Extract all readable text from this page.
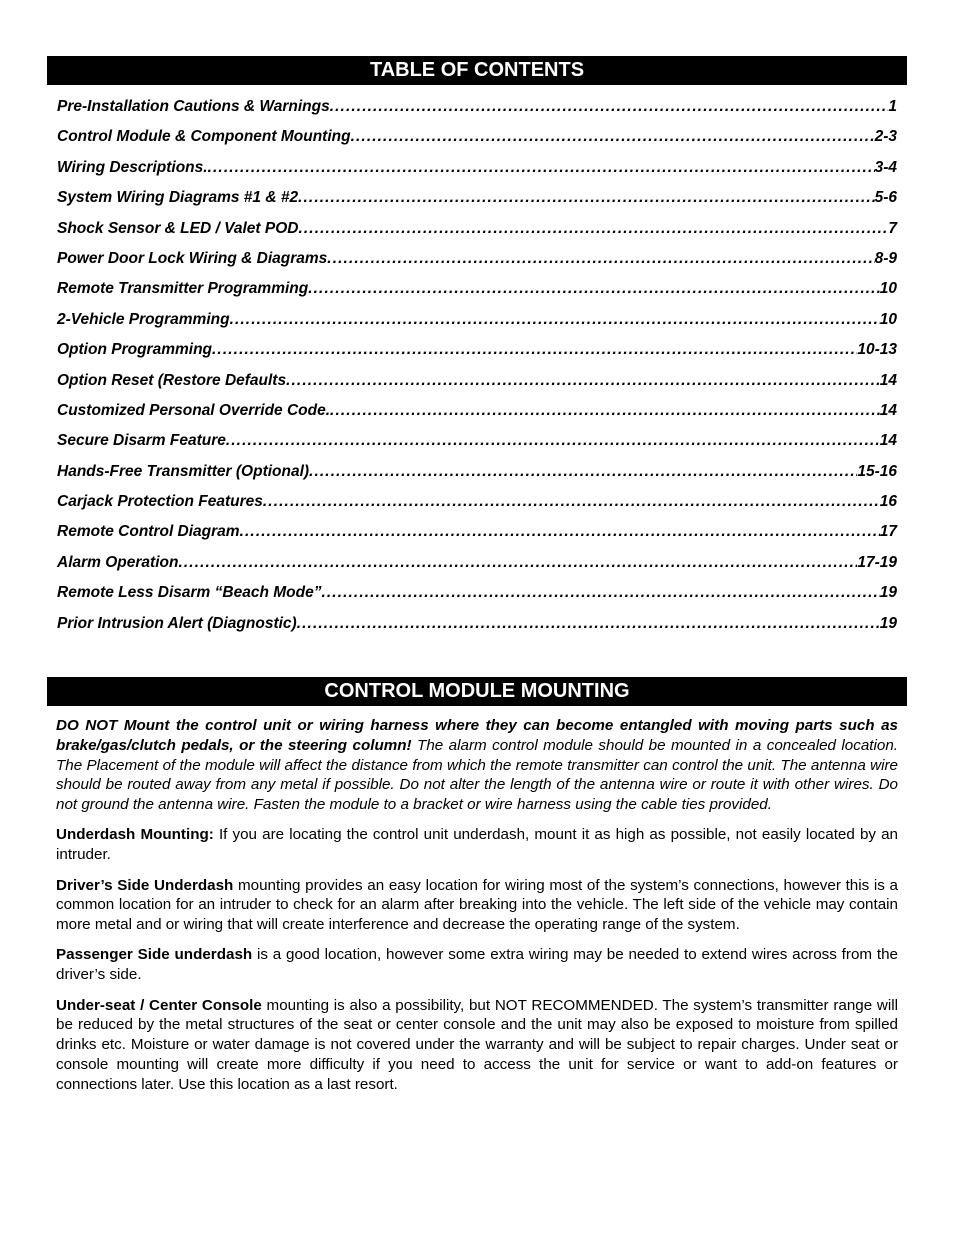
TABLE OF CONTENTS
Pre-Installation Cautions & Warnings . . .	1
Control Module & Component Mounting . . .	2-3
Wiring Descriptions. . . .	3-4
System Wiring Diagrams #1 & #2 . . .	5-6
Shock Sensor & LED / Valet POD . . .	7
Power Door Lock Wiring & Diagrams . . .	8-9
Remote Transmitter Programming . . .	10
2-Vehicle Programming . . .	10
Option Programming . . .	10-13
Option Reset (Restore Defaults . . .	14
Customized Personal Override Code. . . .	14
Secure Disarm Feature . . .	14
Hands-Free Transmitter (Optional) . . .	15-16
Carjack Protection Features . . .	16
Remote Control Diagram . . .	17
Alarm Operation . . .	17-19
Remote Less Disarm “Beach Mode” . . .	19
Prior Intrusion Alert (Diagnostic) . . .	19
CONTROL MODULE MOUNTING

DO NOT Mount the control unit or wiring harness where they can become entangled with moving parts such as brake/gas/clutch pedals, or the steering column! The alarm control module should be mounted in a concealed location. The Placement of the module will affect the distance from which the remote transmitter can control the unit. The antenna wire should be routed away from any metal if possible. Do not alter the length of the antenna wire or route it with other wires. Do not ground the antenna wire. Fasten the module to a bracket or wire harness using the cable ties provided.

Underdash Mounting: If you are locating the control unit underdash, mount it as high as possible, not easily located by an intruder.

Driver’s Side Underdash mounting provides an easy location for wiring most of the system’s connections, however this is a common location for an intruder to check for an alarm after breaking into the vehicle. The left side of the vehicle may contain more metal and or wiring that will create interference and decrease the operating range of the system.

Passenger Side underdash is a good location, however some extra wiring may be needed to extend wires across from the driver’s side.

Under-seat / Center Console mounting is also a possibility, but NOT RECOMMENDED. The system’s transmitter range will be reduced by the metal structures of the seat or center console and the unit may also be exposed to moisture from spilled drinks etc. Moisture or water damage is not covered under the warranty and will be subject to repair charges. Under seat or console mounting will create more difficulty if you need to access the unit for service or want to add-on features or connections later. Use this location as a last resort.
